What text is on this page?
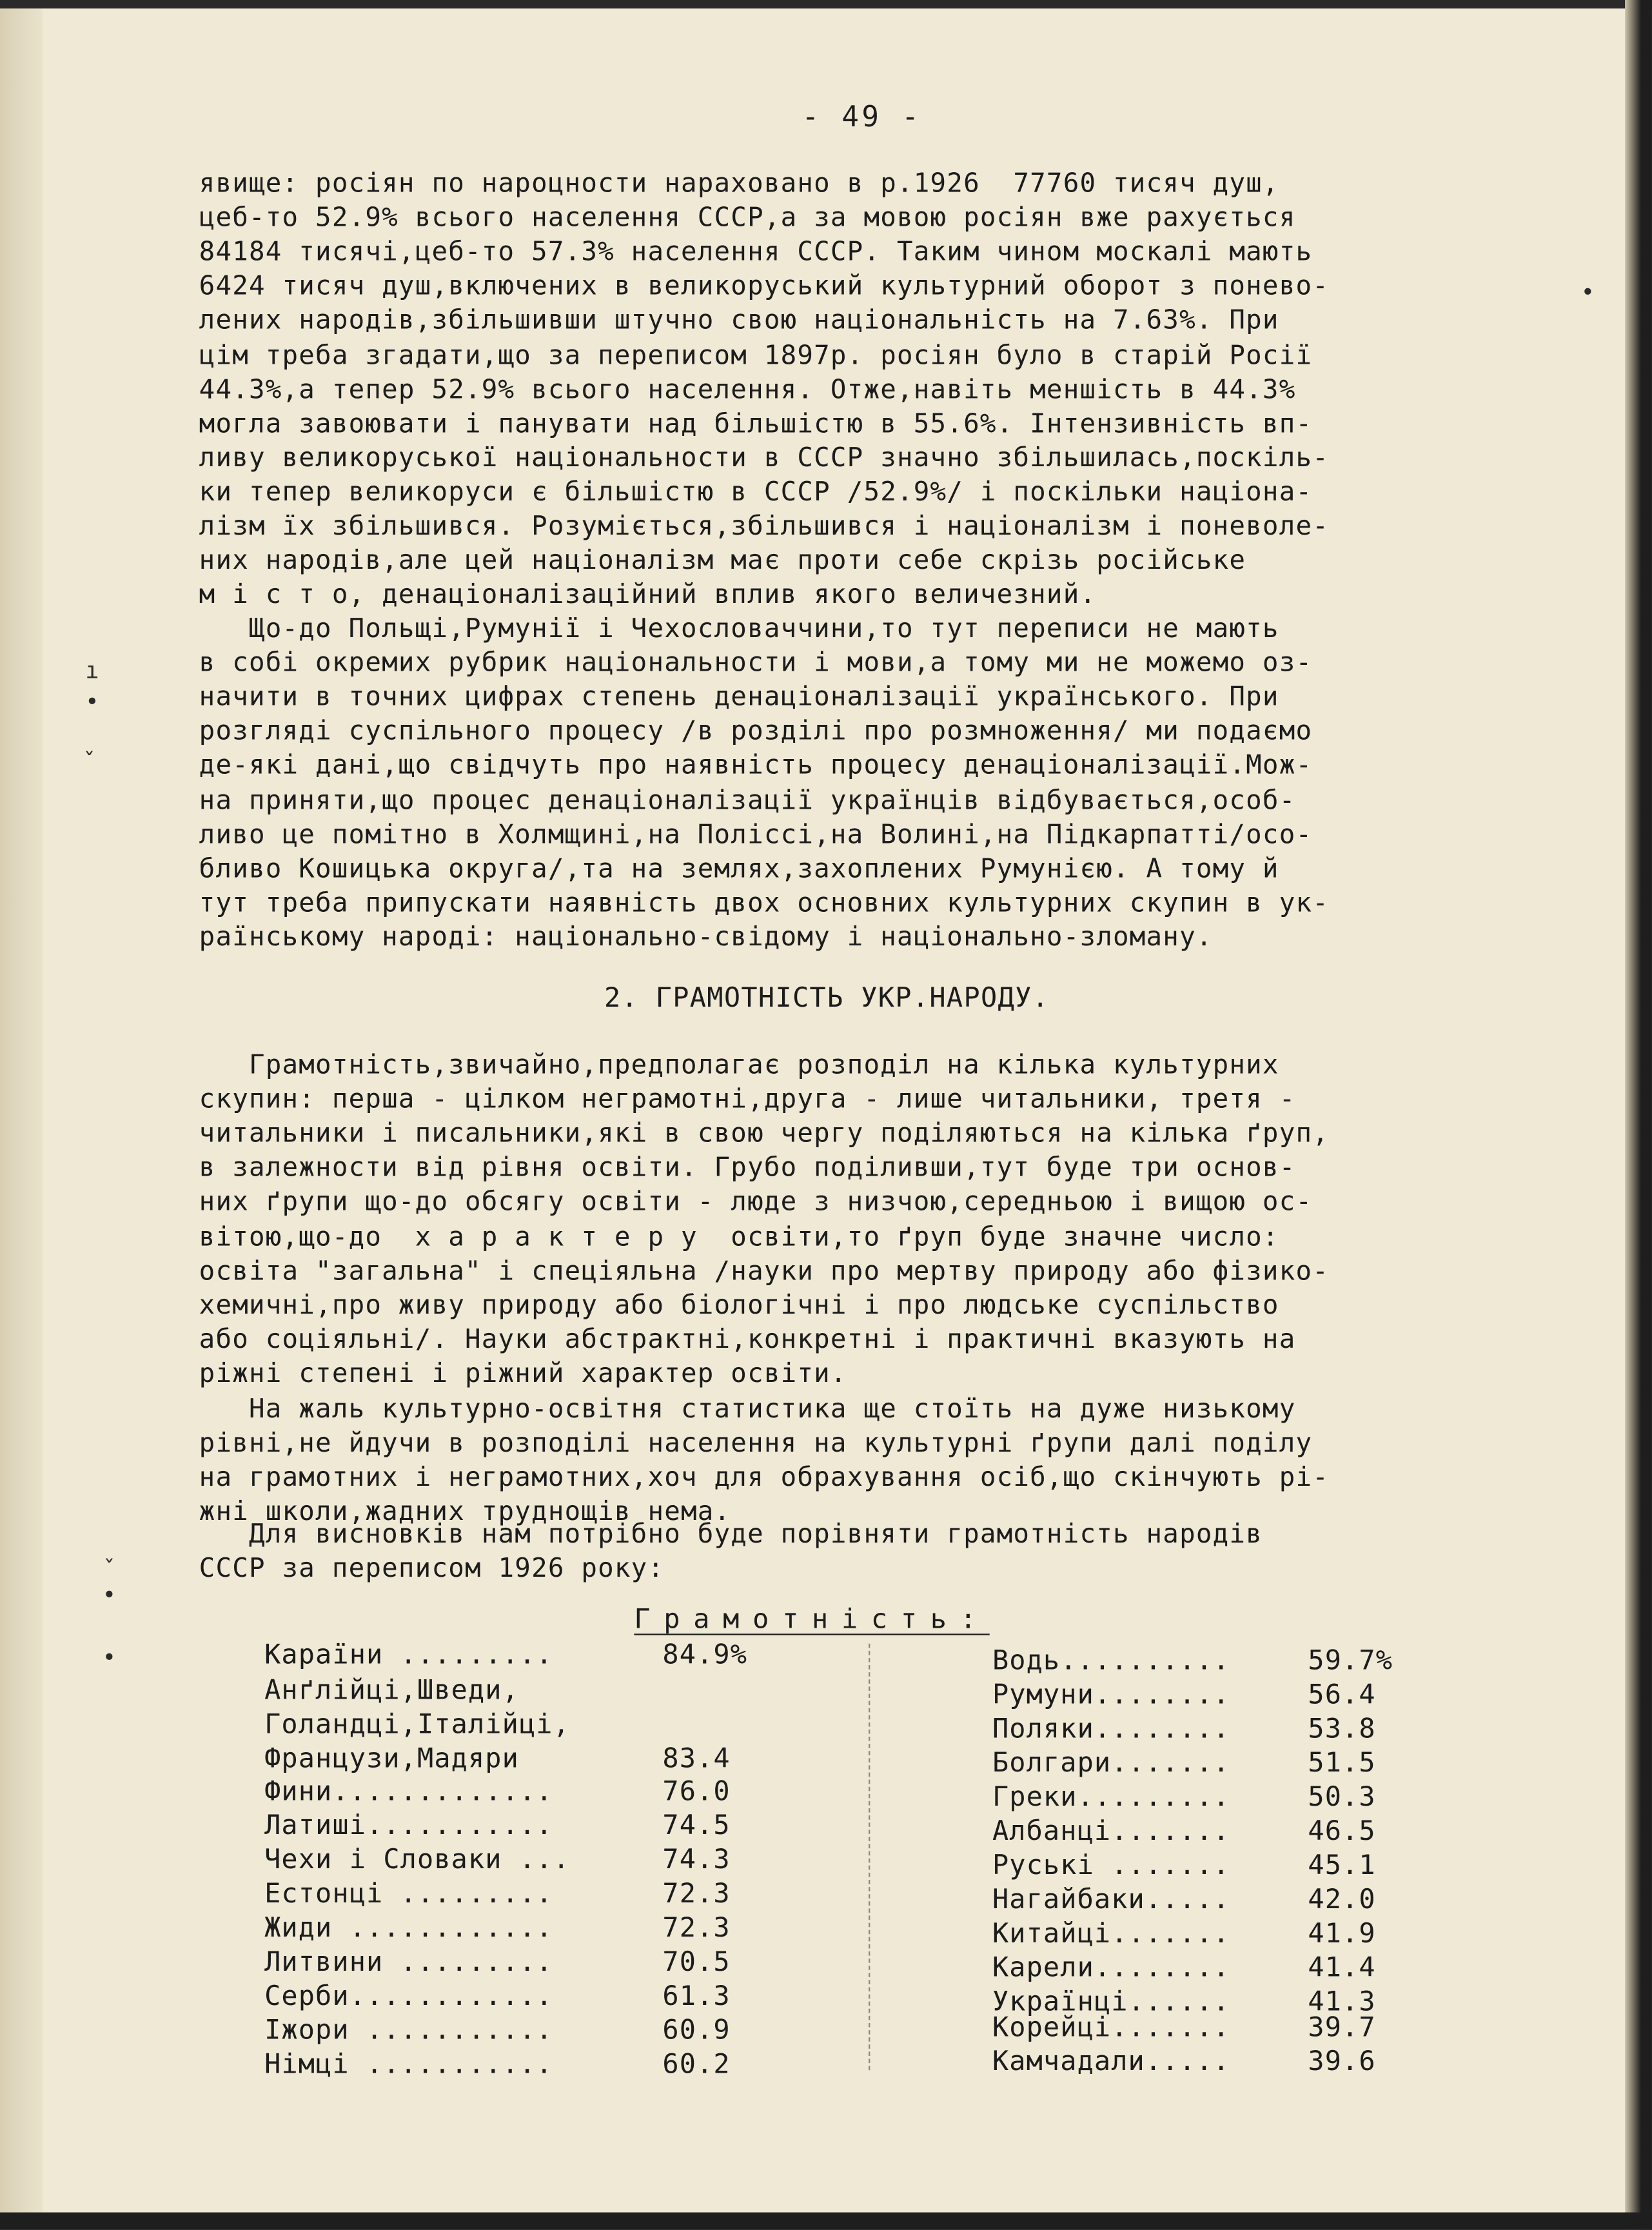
- 49 -
ı
•
ˇ
•
ˇ
•
•
явище: росіян по нароцности нараховано в р.1926  77760 тисяч душ,
цеб-то 52.9% всього населення СССР,а за мовою росіян вже рахується
84184 тисячі,цеб-то 57.3% населення СССР. Таким чином москалі мають
6424 тисяч душ,включених в великоруський культурний оборот з понево-
лених народів,збільшивши штучно свою національність на 7.63%. При
цім треба згадати,що за переписом 1897р. росіян було в старій Росії
44.3%,а тепер 52.9% всього населення. Отже,навіть меншість в 44.3%
могла завоювати і панувати над більшістю в 55.6%. Інтензивність вп-
ливу великоруської національности в СССР значно збільшилась,поскіль-
ки тепер великоруси є більшістю в СССР /52.9%/ і поскільки націона-
лізм їх збільшився. Розуміється,збільшився і націоналізм і поневоле-
них народів,але цей націоналізм має проти себе скрізь російське
м і с т о, денаціоналізаційний вплив якого величезний.
Що-до Польщі,Румунії і Чехословаччини,то тут переписи не мають
в собі окремих рубрик національности і мови,а тому ми не можемо оз-
начити в точних цифрах степень денаціоналізації українського. При
розгляді суспільного процесу /в розділі про розмноження/ ми подаємо
де-які дані,що свідчуть про наявність процесу денаціоналізації.Мож-
на приняти,що процес денаціоналізації українців відбувається,особ-
ливо це помітно в Холмщині,на Поліссі,на Волині,на Підкарпатті/осо-
бливо Кошицька округа/,та на землях,захоплених Румунією. А тому й
тут треба припускати наявність двох основних культурних скупин в ук-
раїнському народі: національно-свідому і національно-зломану.
Грамотність,звичайно,предполагає розподіл на кілька культурних
скупин: перша - цілком неграмотні,друга - лише читальники, третя -
читальники і писальники,які в свою чергу поділяються на кілька ґруп,
в залежности від рівня освіти. Грубо поділивши,тут буде три основ-
них ґрупи що-до обсягу освіти - люде з низчою,середньою і вищою ос-
вітою,що-до  х а р а к т е р у  освіти,то ґруп буде значне число:
освіта "загальна" і спеціяльна /науки про мертву природу або фізико-
хемичні,про живу природу або біологічні і про людське суспільство
або соціяльні/. Науки абстрактні,конкретні і практичні вказують на
ріжні степені і ріжний характер освіти.
На жаль культурно-освітня статистика ще стоїть на дуже низькому
рівні,не йдучи в розподілі населення на культурні ґрупи далі поділу
на грамотних і неграмотних,хоч для обрахування осіб,що скінчують рі-
жні школи,жадних труднощів нема.
Для висновків нам потрібно буде порівняти грамотність народів
СССР за переписом 1926 року:
2. ГРАМОТНІСТЬ УКР.НАРОДУ.
Грамотність:
Караїни .........	84.9%
Анґлійці,Шведи,
Голандці,Італійці,
Французи,Мадяри	83.4
Фини.............	76.0
Латиші...........	74.5
Чехи і Словаки ...	74.3
Естонці .........	72.3
Жиди ............	72.3
Литвини .........	70.5
Серби............	61.3
Іжори ...........	60.9
Німці ...........	60.2
Водь..........	59.7%
Румуни........	56.4
Поляки........	53.8
Болгари.......	51.5
Греки.........	50.3
Албанці.......	46.5
Руські .......	45.1
Нагайбаки.....	42.0
Китайці.......	41.9
Карели........	41.4
Українці......	41.3
Корейці.......	39.7
Камчадали.....	39.6
